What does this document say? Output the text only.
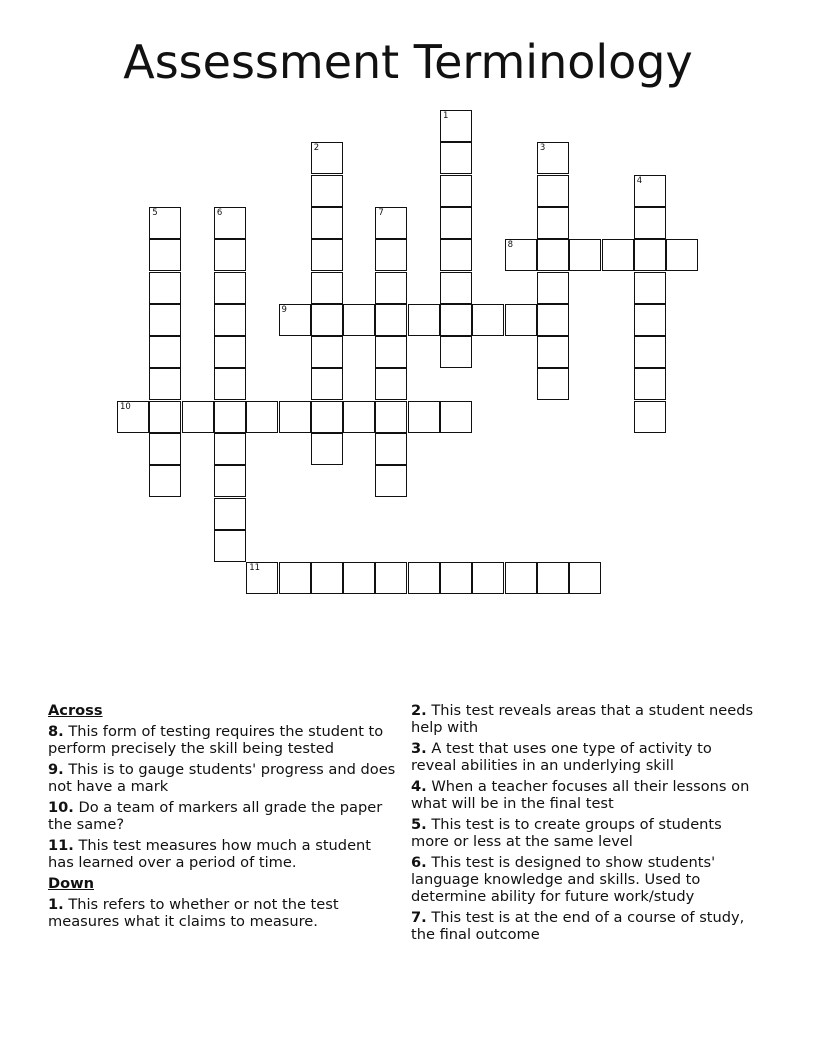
Assessment Terminology
1
2	3
4
5	6	7
8
9
10
11
Across
8. This form of testing requires the student to perform precisely the skill being tested
9. This is to gauge students' progress and does not have a mark
10. Do a team of markers all grade the paper the same?
11. This test measures how much a student has learned over a period of time.
Down
1. This refers to whether or not the test measures what it claims to measure.
2. This test reveals areas that a student needs help with
3. A test that uses one type of activity to reveal abilities in an underlying skill
4. When a teacher focuses all their lessons on what will be in the final test
5. This test is to create groups of students more or less at the same level
6. This test is designed to show students' language knowledge and skills. Used to determine ability for future work/study
7. This test is at the end of a course of study, the final outcome
